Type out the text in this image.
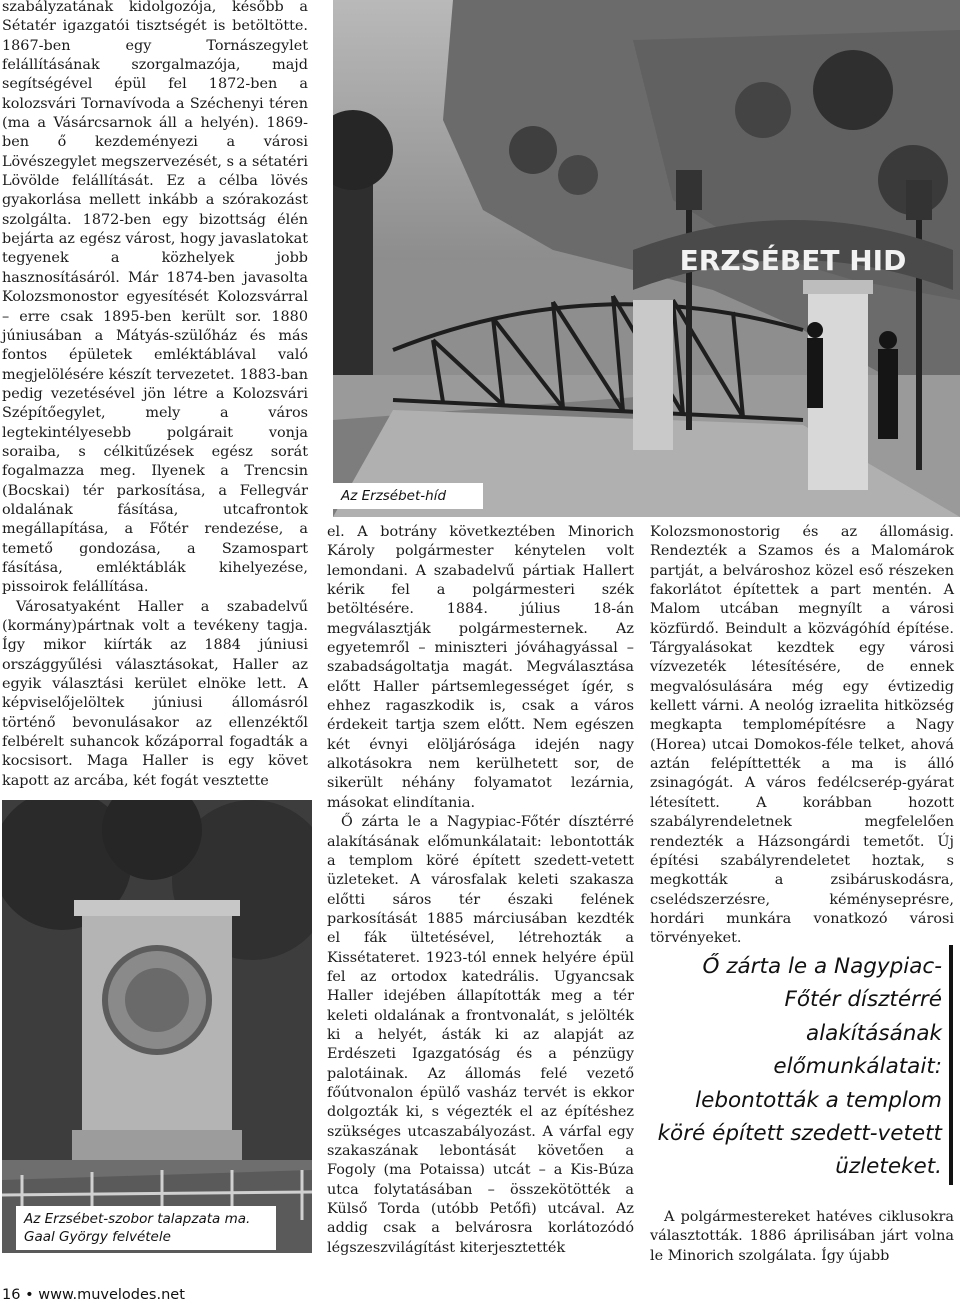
szabályzatának kidolgozója, később a Sétatér igazgatói tisztségét is betöltötte. 1867-ben egy Tornászegylet felállításának szorgalmazója, majd segítségével épül fel 1872-ben a kolozsvári Tornavívoda a Széchenyi téren (ma a Vásárcsarnok áll a helyén). 1869-ben ő kezdeményezi a városi Lövészegylet megszervezését, s a sétatéri Lövölde felállítását. Ez a célba lövés gyakorlása mellett inkább a szórakozást szolgálta. 1872-ben egy bizottság élén bejárta az egész várost, hogy javaslatokat tegyenek a közhelyek jobb hasznosításáról. Már 1874-ben javasolta Kolozsmonostor egyesítését Kolozsvárral – erre csak 1895-ben került sor. 1880 júniusában a Mátyás-szülőház és más fontos épületek emléktáblával való megjelölésére készít tervezetet. 1883-ban pedig vezetésével jön létre a Kolozsvári Szépítőegylet, mely a város legtekintélyesebb polgárait vonja soraiba, s célkitűzések egész sorát fogalmazza meg. Ilyenek a Trencsin (Bocskai) tér parkosítása, a Fellegvár oldalának fásítása, utcafrontok megállapítása, a Főtér rendezése, a temető gondozása, a Szamospart fásítása, emléktáblák kihelyezése, pissoirok felállítása.

Városatyaként Haller a szabadelvű (kormány)pártnak volt a tevékeny tagja. Így mikor kiírták az 1884 júniusi országgyűlési választásokat, Haller az egyik választási kerület elnöke lett. A képviselőjelöltek júniusi állomásról történő bevonulásakor az ellenzéktől felbérelt suhancok kőzáporral fogadták a kocsisort. Maga Haller is egy követ kapott az arcába, két fogát vesztette

ERZSÉBET HID
Az Erzsébet-híd
Az Erzsébet-szobor talapzata ma.
Gaal György felvétele

el. A botrány következtében Minorich Károly polgármester kénytelen volt lemondani. A szabadelvű pártiak Hallert kérik fel a polgármesteri szék betöltésére. 1884. július 18-án megválasztják polgármesternek. Az egyetemről – miniszteri jóváhagyással – szabadságoltatja magát. Megválasztása előtt Haller pártsemlegességet ígér, s ehhez ragaszkodik is, csak a város érdekeit tartja szem előtt. Nem egészen két évnyi elöljárósága idején nagy alkotásokra nem kerülhetett sor, de sikerült néhány folyamatot lezárnia, másokat elindítania.

Ő zárta le a Nagypiac-Főtér dísztérré alakításának előmunkálatait: lebontották a templom köré épített szedett-vetett üzleteket. A városfalak keleti szakasza előtti sáros tér északi felének parkosítását 1885 márciusában kezdték el fák ültetésével, létrehozták a Kissétateret. 1923-tól ennek helyére épül fel az ortodox katedrális. Ugyancsak Haller idejében állapították meg a tér keleti oldalának a frontvonalát, s jelölték ki a helyét, ásták ki az alapját az Erdészeti Igazgatóság és a pénzügy palotáinak. Az állomás felé vezető főútvonalon épülő vasház tervét is ekkor dolgozták ki, s végezték el az építéshez szükséges utcaszabályozást. A várfal egy szakaszának lebontását követően a Fogoly (ma Potaissa) utcát – a Kis-Búza utca folytatásában – összekötötték a Külső Torda (utóbb Petőfi) utcával. Az addig csak a belvárosra korlátozódó légszeszvilágítást kiterjesztették

Kolozsmonostorig és az állomásig. Rendezték a Szamos és a Malomárok partját, a belvároshoz közel eső részeken fakorlátot építettek a part mentén. A Malom utcában megnyílt a városi közfürdő. Beindult a közvágóhíd építése. Tárgyalásokat kezdtek egy városi vízvezeték létesítésére, de ennek megvalósulására még egy évtizedig kellett várni. A neológ izraelita hitközség megkapta templomépítésre a Nagy (Horea) utcai Domokos-féle telket, ahová aztán felépíttették a ma is álló zsinagógát. A város fedélcserép-gyárat létesített. A korábban hozott szabályrendeletnek megfelelően rendezték a Házsongárdi temetőt. Új építési szabályrendeletet hoztak, s megkották a zsibáruskodásra, cselédszerzésre, kéményseprésre, hordári munkára vonatkozó városi törvényeket.

Ő zárta le a Nagypiac-Főtér dísztérré alakításának előmunkálatait: lebontották a templom köré épített szedett-vetett üzleteket.

A polgármestereket hatéves ciklusokra választották. 1886 áprilisában járt volna le Minorich szolgálata. Így újabb

16 • www.muvelodes.net
